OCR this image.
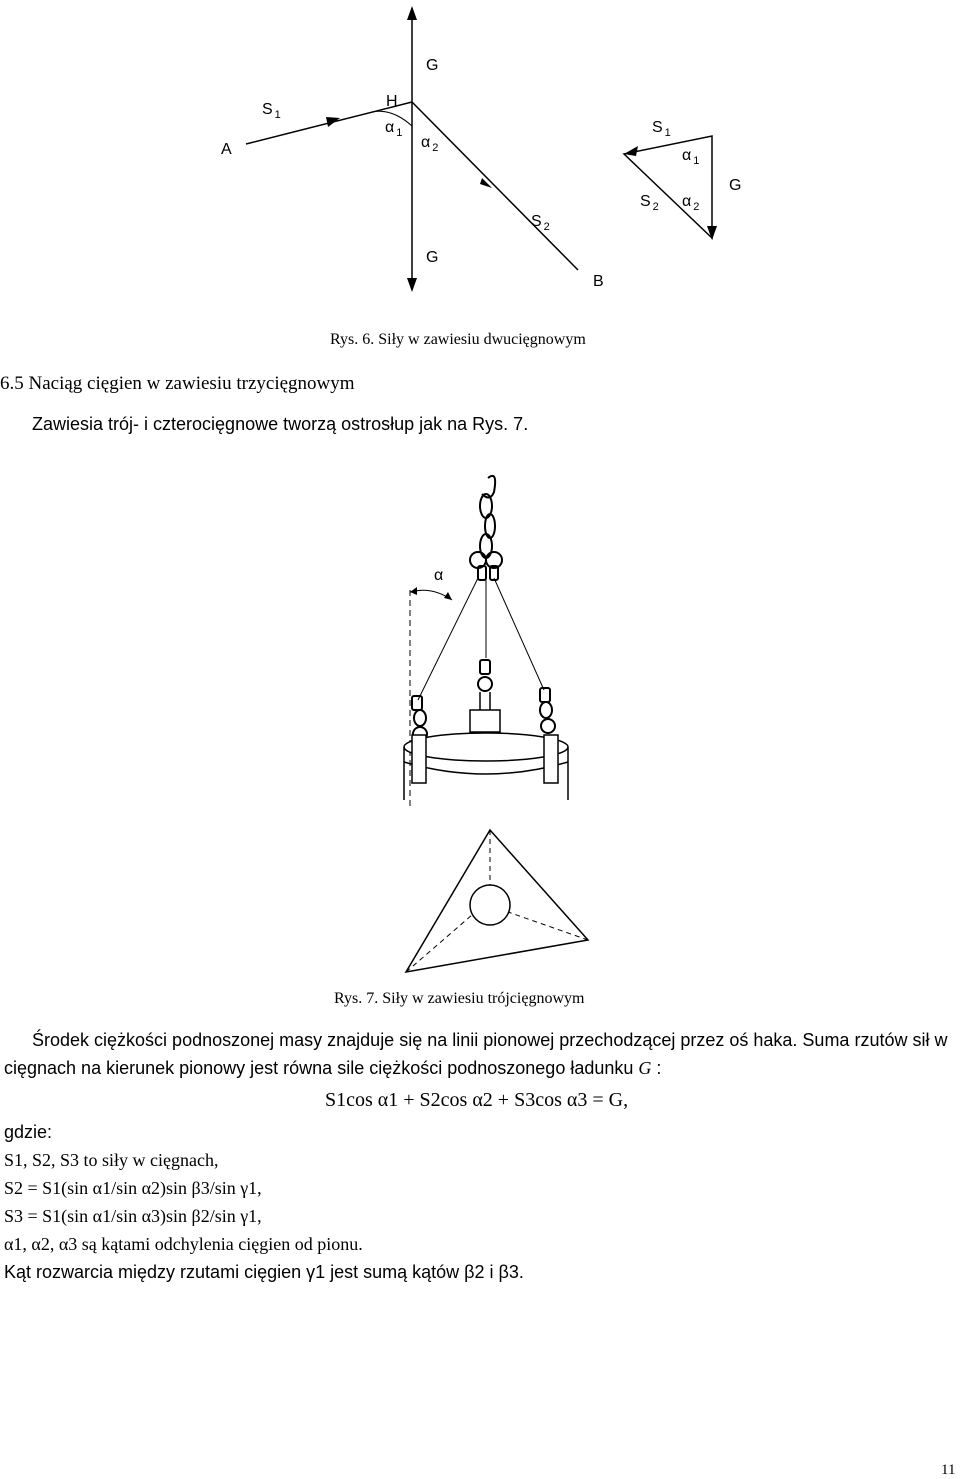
A
S $_1$
H
α $_1$
α $_2$
G
G
S $_2$
B
S $_1$
α $_1$
G
S $_2$ α $_2$
Rys. 6. Siły w zawiesiu dwucięgnowym
6.5 Naciąg cięgien w zawiesiu trzycięgnowym
Zawiesia trój- i czterocięgnowe tworzą ostrosłup jak na Rys. 7.
α
Rys. 7. Siły w zawiesiu trójcięgnowym
Środek ciężkości podnoszonej masy znajduje się na linii pionowej przechodzącej przez oś haka. Suma rzutów sił w cięgnach na kierunek pionowy jest równa sile ciężkości podnoszonego ładunku G :
S1cos α1 + S2cos α2 + S3cos α3 = G,
gdzie:
S1, S2, S3 to siły w cięgnach,
S2 = S1(sin α1/sin α2)sin β3/sin γ1,
S3 = S1(sin α1/sin α3)sin β2/sin γ1,
α1, α2, α3 są kątami odchylenia cięgien od pionu.
Kąt rozwarcia między rzutami cięgien γ1 jest sumą kątów β2 i β3.
11
